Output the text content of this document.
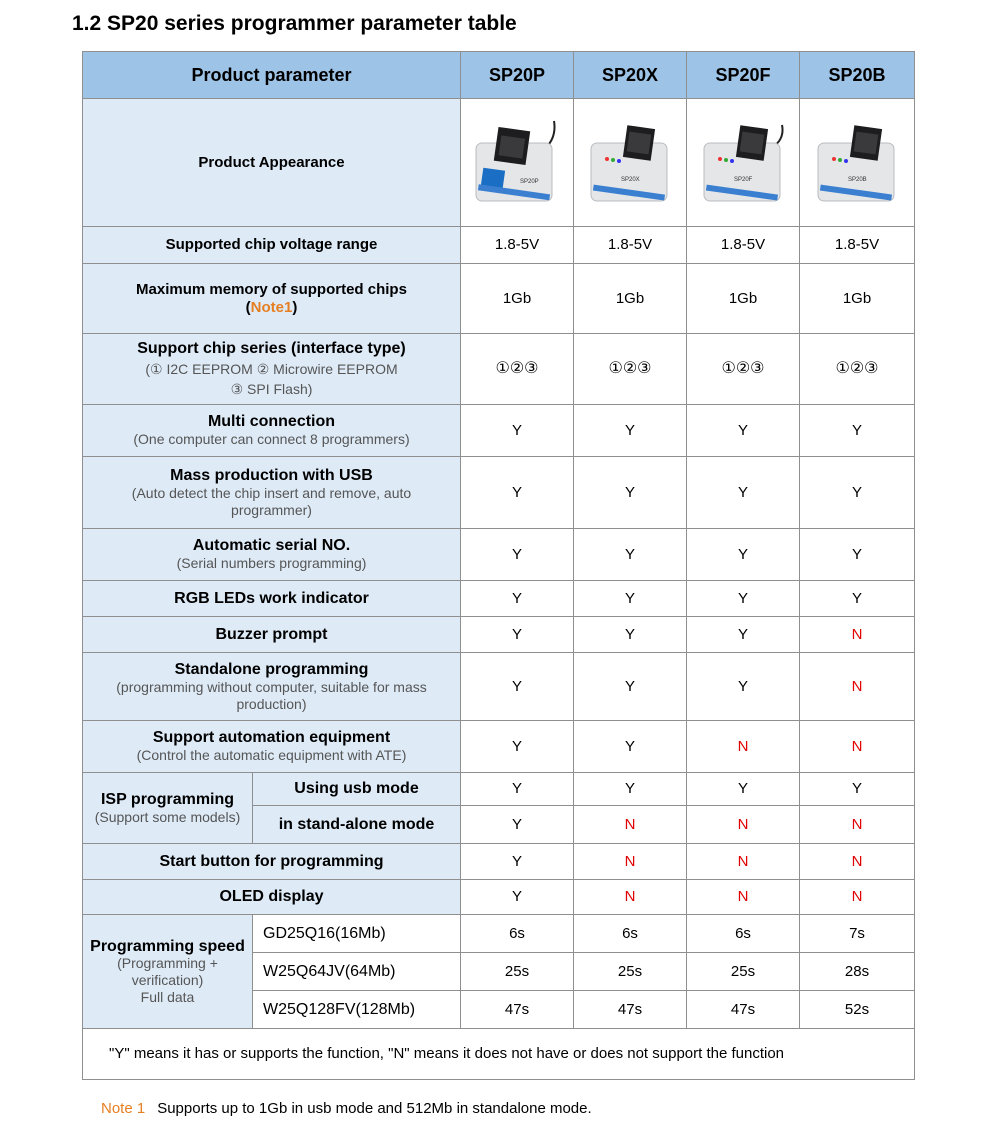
1.2 SP20 series programmer parameter table
Product parameter		SP20P	SP20X	SP20F	SP20B
Product Appearance		SP20P	SP20X	SP20F	SP20B

Supported chip voltage range		1.8-5V	1.8-5V	1.8-5V	1.8-5V
Maximum memory of supported chips
(Note1)		1Gb	1Gb	1Gb	1Gb
Support chip series (interface type)
(① I2C EEPROM ② Microwire EEPROM
③ SPI Flash)		①②③	①②③	①②③	①②③
Multi connection
(One computer can connect 8 programmers)		Y	Y	Y	Y
Mass production with USB
(Auto detect the chip insert and remove, auto programmer)		Y	Y	Y	Y
Automatic serial NO.
(Serial numbers programming)		Y	Y	Y	Y
RGB LEDs work indicator		Y	Y	Y	Y
Buzzer prompt		Y	Y	Y	N
Standalone programming
(programming without computer, suitable for mass production)		Y	Y	Y	N
Support automation equipment
(Control the automatic equipment with ATE)		Y	Y	N	N
ISP programming
(Support some models)	Using usb mode	Y	Y	Y	Y
	in stand-alone mode	Y	N	N	N
Start button for programming		Y	N	N	N
OLED display		Y	N	N	N
Programming speed
(Programming + verification)
Full data	GD25Q16(16Mb)	6s	6s	6s	7s
	W25Q64JV(64Mb)	25s	25s	25s	28s
	W25Q128FV(128Mb)	47s	47s	47s	52s
"Y" means it has or supports the function, "N" means it does not have or does not support the function					
Note 1 Supports up to 1Gb in usb mode and 512Mb in standalone mode.
